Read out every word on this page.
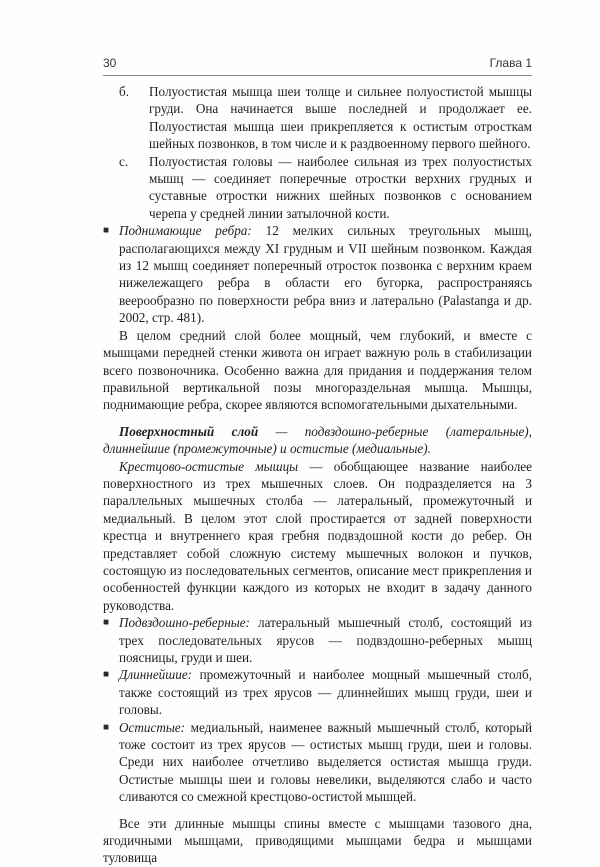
30	Глава 1
б.	Полуостистая мышца шеи толще и сильнее полуостистой мышцы груди. Она начинается выше последней и продолжает ее. Полуостистая мышца шеи прикрепляется к остистым отросткам шейных позвонков, в том числе и к раздвоенному первого шейного.
c.	Полуостистая головы — наиболее сильная из трех полуостистых мышц — соединяет поперечные отростки верхних грудных и суставные отростки нижних шейных позвонков с основанием черепа у средней линии затылочной кости.
■ Поднимающие ребра: 12 мелких сильных треугольных мышц, располагающихся между XI грудным и VII шейным позвонком. Каждая из 12 мышц соединяет поперечный отросток позвонка с верхним краем нижележащего ребра в области его бугорка, распространяясь веерообразно по поверхности ребра вниз и латерально (Palastanga и др. 2002, стр. 481).

В целом средний слой более мощный, чем глубокий, и вместе с мышцами передней стенки живота он играет важную роль в стабилизации всего позвоночника. Особенно важна для придания и поддержания телом правильной вертикальной позы многораздельная мышца. Мышцы, поднимающие ребра, скорее являются вспомогательными дыхательными.

Поверхностный слой — подвздошно-реберные (латеральные), длиннейшие (промежуточные) и остистые (медиальные).

Крестцово-остистые мышцы — обобщающее название наиболее поверхностного из трех мышечных слоев. Он подразделяется на 3 параллельных мышечных столба — латеральный, промежуточный и медиальный. В целом этот слой простирается от задней поверхности крестца и внутреннего края гребня подвздошной кости до ребер. Он представляет собой сложную систему мышечных волокон и пучков, состоящую из последовательных сегментов, описание мест прикрепления и особенностей функции каждого из которых не входит в задачу данного руководства.

■ Подвздошно-реберные: латеральный мышечный столб, состоящий из трех последовательных ярусов — подвздошно-реберных мышц поясницы, груди и шеи.
■ Длиннейшие: промежуточный и наиболее мощный мышечный столб, также состоящий из трех ярусов — длиннейших мышц груди, шеи и головы.
■ Остистые: медиальный, наименее важный мышечный столб, который тоже состоит из трех ярусов — остистых мышц груди, шеи и головы. Среди них наиболее отчетливо выделяется остистая мышца груди. Остистые мышцы шеи и головы невелики, выделяются слабо и часто сливаются со смежной крестцово-остистой мышцей.

Все эти длинные мышцы спины вместе с мышцами тазового дна, ягодичными мышцами, приводящими мышцами бедра и мышцами туловища
